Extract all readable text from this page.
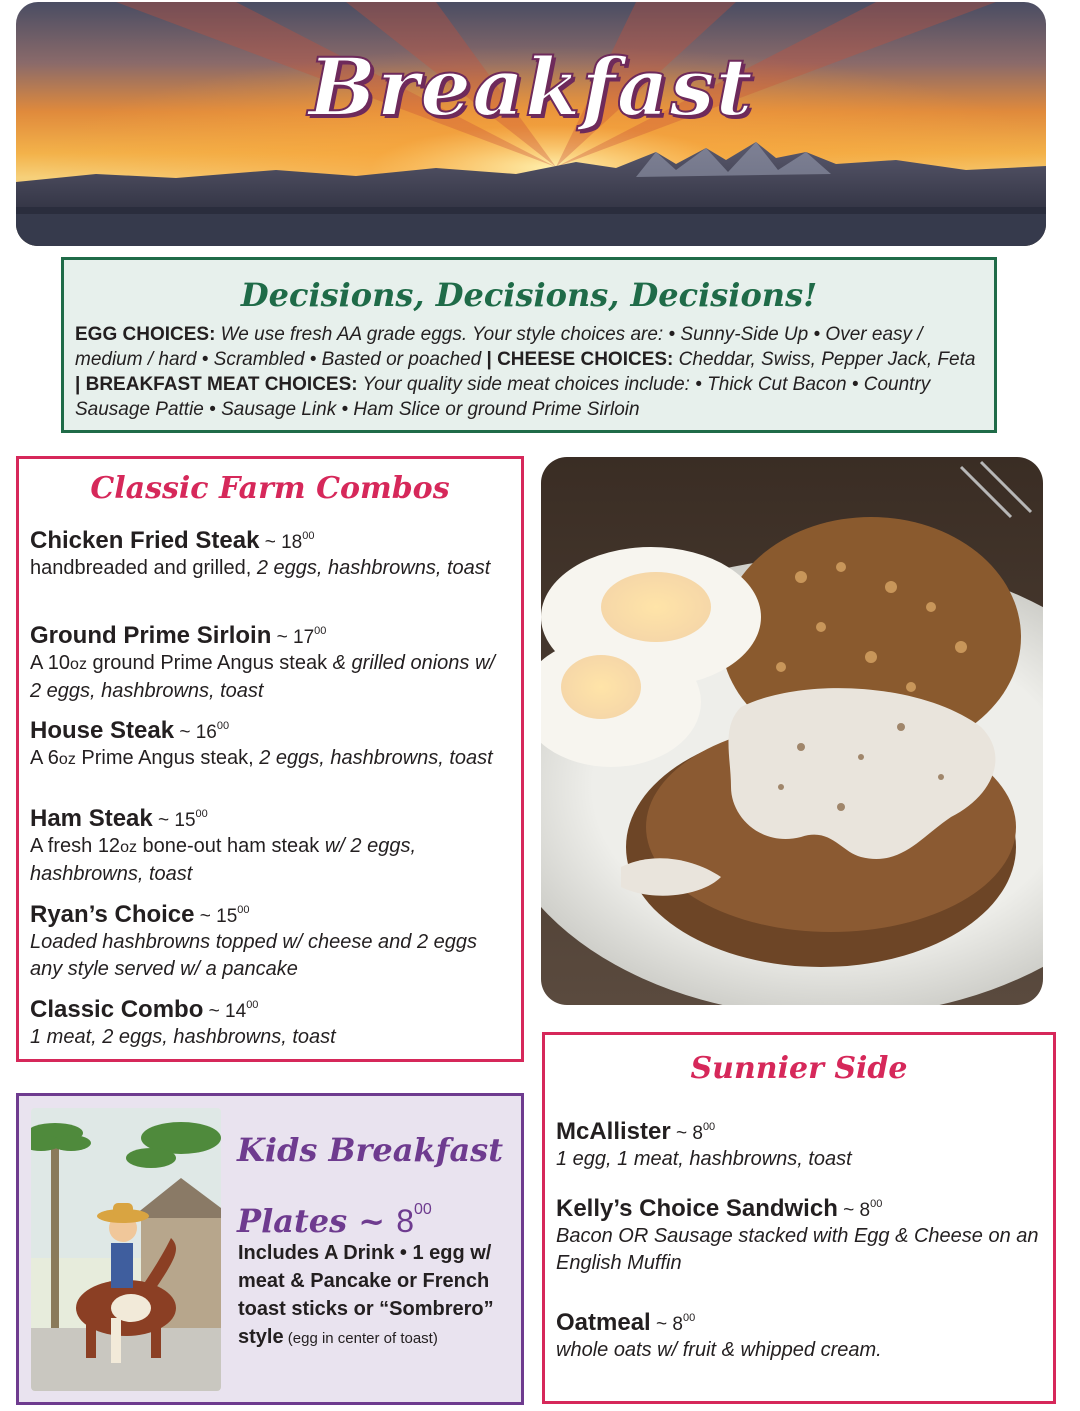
Breakfast
Decisions, Decisions, Decisions!
EGG CHOICES: We use fresh AA grade eggs. Your style choices are: • Sunny-Side Up • Over easy / medium / hard • Scrambled • Basted or poached | CHEESE CHOICES: Cheddar, Swiss, Pepper Jack, Feta | BREAKFAST MEAT CHOICES: Your quality side meat choices include: • Thick Cut Bacon • Country Sausage Pattie • Sausage Link • Ham Slice or ground Prime Sirloin
Classic Farm Combos
Chicken Fried Steak ~ $18^{00}$
handbreaded and grilled, 2 eggs, hashbrowns, toast
Ground Prime Sirloin ~ $17^{00}$
A 10oz ground Prime Angus steak & grilled onions w/ 2 eggs, hashbrowns, toast
House Steak ~ $16^{00}$
A 6oz Prime Angus steak, 2 eggs, hashbrowns, toast
Ham Steak ~ $15^{00}$
A fresh 12oz bone-out ham steak w/ 2 eggs, hashbrowns, toast
Ryan’s Choice ~ $15^{00}$
Loaded hashbrowns topped w/ cheese and 2 eggs any style served w/ a pancake
Classic Combo ~ $14^{00}$
1 meat, 2 eggs, hashbrowns, toast
Sunnier Side
McAllister ~ $8^{00}$
1 egg, 1 meat, hashbrowns, toast
Kelly’s Choice Sandwich ~ $8^{00}$
Bacon OR Sausage stacked with Egg & Cheese on an English Muffin
Oatmeal ~ $8^{00}$
whole oats w/ fruit & whipped cream.
Kids Breakfast
Plates ~ $8^{00}$
Includes A Drink • 1 egg w/ meat & Pancake or French toast sticks or “Sombrero” style (egg in center of toast)
